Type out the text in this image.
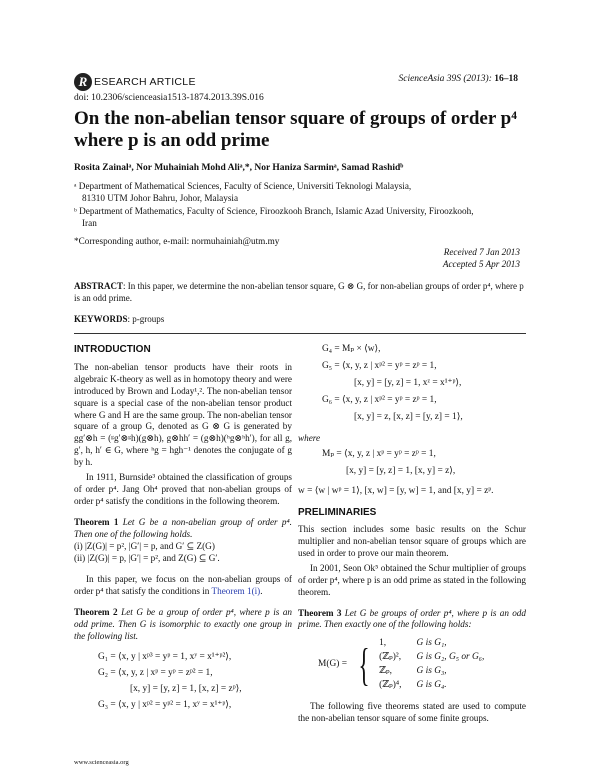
R ESEARCH ARTICLE	ScienceAsia 39S (2013): 16–18
doi: 10.2306/scienceasia1513-1874.2013.39S.016
On the non-abelian tensor square of groups of order p⁴ where p is an odd prime
Rosita Zainalᵃ, Nor Muhainiah Mohd Aliᵃ,*, Nor Haniza Sarminᵃ, Samad Rashidᵇ
ᵃ Department of Mathematical Sciences, Faculty of Science, Universiti Teknologi Malaysia,
81310 UTM Johor Bahru, Johor, Malaysia
ᵇ Department of Mathematics, Faculty of Science, Firoozkooh Branch, Islamic Azad University, Firoozkooh,
Iran
*Corresponding author, e-mail: normuhainiah@utm.my
Received 7 Jan 2013
Accepted 5 Apr 2013
ABSTRACT: In this paper, we determine the non-abelian tensor square, G ⊗ G, for non-abelian groups of order p⁴, where p is an odd prime.
KEYWORDS: p-groups
INTRODUCTION
The non-abelian tensor products have their roots in algebraic K-theory as well as in homotopy theory and were introduced by Brown and Loday¹,². The non-abelian tensor square is a special case of the non-abelian tensor product where G and H are the same group. The non-abelian tensor square of a group G, denoted as G ⊗ G is generated by gg′⊗h = (ᵍg′⊗ᵍh)(g⊗h), g⊗hh′ = (g⊗h)(ʰg⊗ʰh′), for all g, g′, h, h′ ∈ G, where ʰg = hgh⁻¹ denotes the conjugate of g by h.
In 1911, Burnside³ obtained the classification of groups of order p⁴. Jang Oh⁴ proved that non-abelian groups of order p⁴ satisfy the conditions in the following theorem.
Theorem 1 Let G be a non-abelian group of order p⁴. Then one of the following holds.
(i) |Z(G)| = p², |G′| = p, and G′ ⊆ Z(G)
(ii) |Z(G)| = p, |G′| = p², and Z(G) ⊆ G′.
In this paper, we focus on the non-abelian groups of order p⁴ that satisfy the conditions in Theorem 1(i).
Theorem 2 Let G be a group of order p⁴, where p is an odd prime. Then G is isomorphic to exactly one group in the following list.
G₁ = ⟨x, y | xᵖ³ = yᵖ = 1, xʸ = x¹⁺ᵖ²⟩,
G₂ = ⟨x, y, z | xᵖ = yᵖ = zᵖ² = 1,
[x, y] = [y, z] = 1, [x, z] = zᵖ⟩,
G₃ = ⟨x, y | xᵖ² = yᵖ² = 1, xʸ = x¹⁺ᵖ⟩,
G₄ = Mₚ × ⟨w⟩,
G₅ = ⟨x, y, z | xᵖ² = yᵖ = zᵖ = 1,
[x, y] = [y, z] = 1, xᶻ = x¹⁺ᵖ⟩,
G₆ = ⟨x, y, z | xᵖ² = yᵖ = zᵖ = 1,
[x, y] = z, [x, z] = [y, z] = 1⟩,
where
Mₚ = ⟨x, y, z | xᵖ = yᵖ = zᵖ = 1,
[x, y] = [y, z] = 1, [x, y] = z⟩,
w = ⟨w | wᵖ = 1⟩, [x, w] = [y, w] = 1, and [x, y] = zᵖ.
PRELIMINARIES
This section includes some basic results on the Schur multiplier and non-abelian tensor square of groups which are used in order to prove our main theorem.
In 2001, Seon Ok⁵ obtained the Schur multiplier of groups of order p⁴, where p is an odd prime as stated in the following theorem.
Theorem 3 Let G be groups of order p⁴, where p is an odd prime. Then exactly one of the following holds:
M(G) = { 1,	G is G₁,
(ℤₚ)²,	G is G₂, G₅ or G₆,
ℤₚ,	G is G₃,
(ℤₚ)⁴,	G is G₄.
The following five theorems stated are used to compute the non-abelian tensor square of some finite groups.
www.scienceasia.org
